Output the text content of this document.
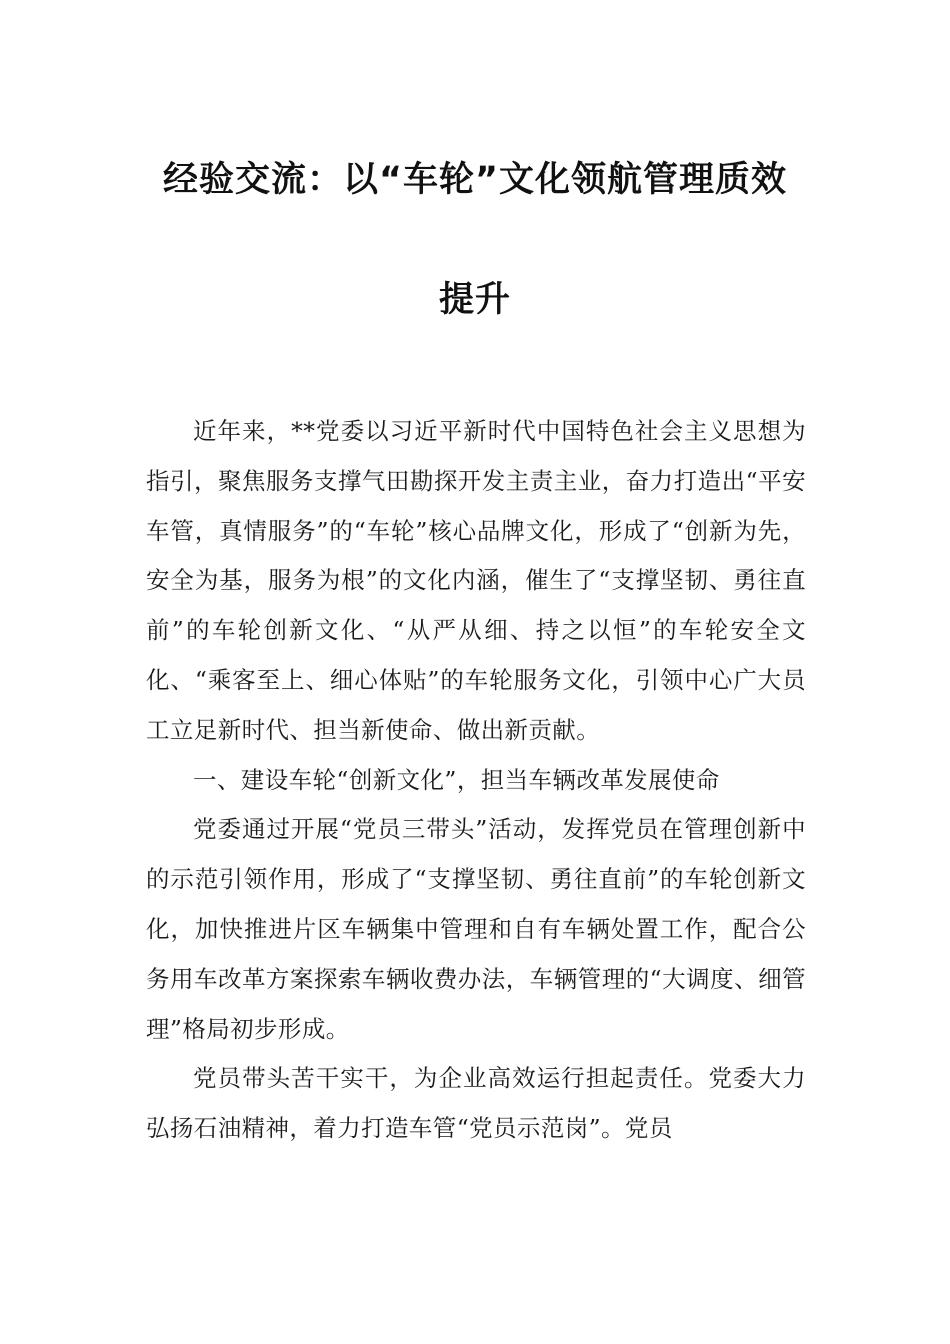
经验交流：以“车轮”文化领航管理质效
提升

近年来，**党委以习近平新时代中国特色社会主义思想为指引，聚焦服务支撑气田勘探开发主责主业，奋力打造出“平安车管，真情服务”的“车轮”核心品牌文化，形成了“创新为先，安全为基，服务为根”的文化内涵，催生了“支撑坚韧、勇往直前”的车轮创新文化、“从严从细、持之以恒”的车轮安全文化、“乘客至上、细心体贴”的车轮服务文化，引领中心广大员工立足新时代、担当新使命、做出新贡献。

一、建设车轮“创新文化”，担当车辆改革发展使命

党委通过开展“党员三带头”活动，发挥党员在管理创新中的示范引领作用，形成了“支撑坚韧、勇往直前”的车轮创新文化，加快推进片区车辆集中管理和自有车辆处置工作，配合公务用车改革方案探索车辆收费办法，车辆管理的“大调度、细管理”格局初步形成。

党员带头苦干实干，为企业高效运行担起责任。党委大力弘扬石油精神，着力打造车管“党员示范岗”。党员
